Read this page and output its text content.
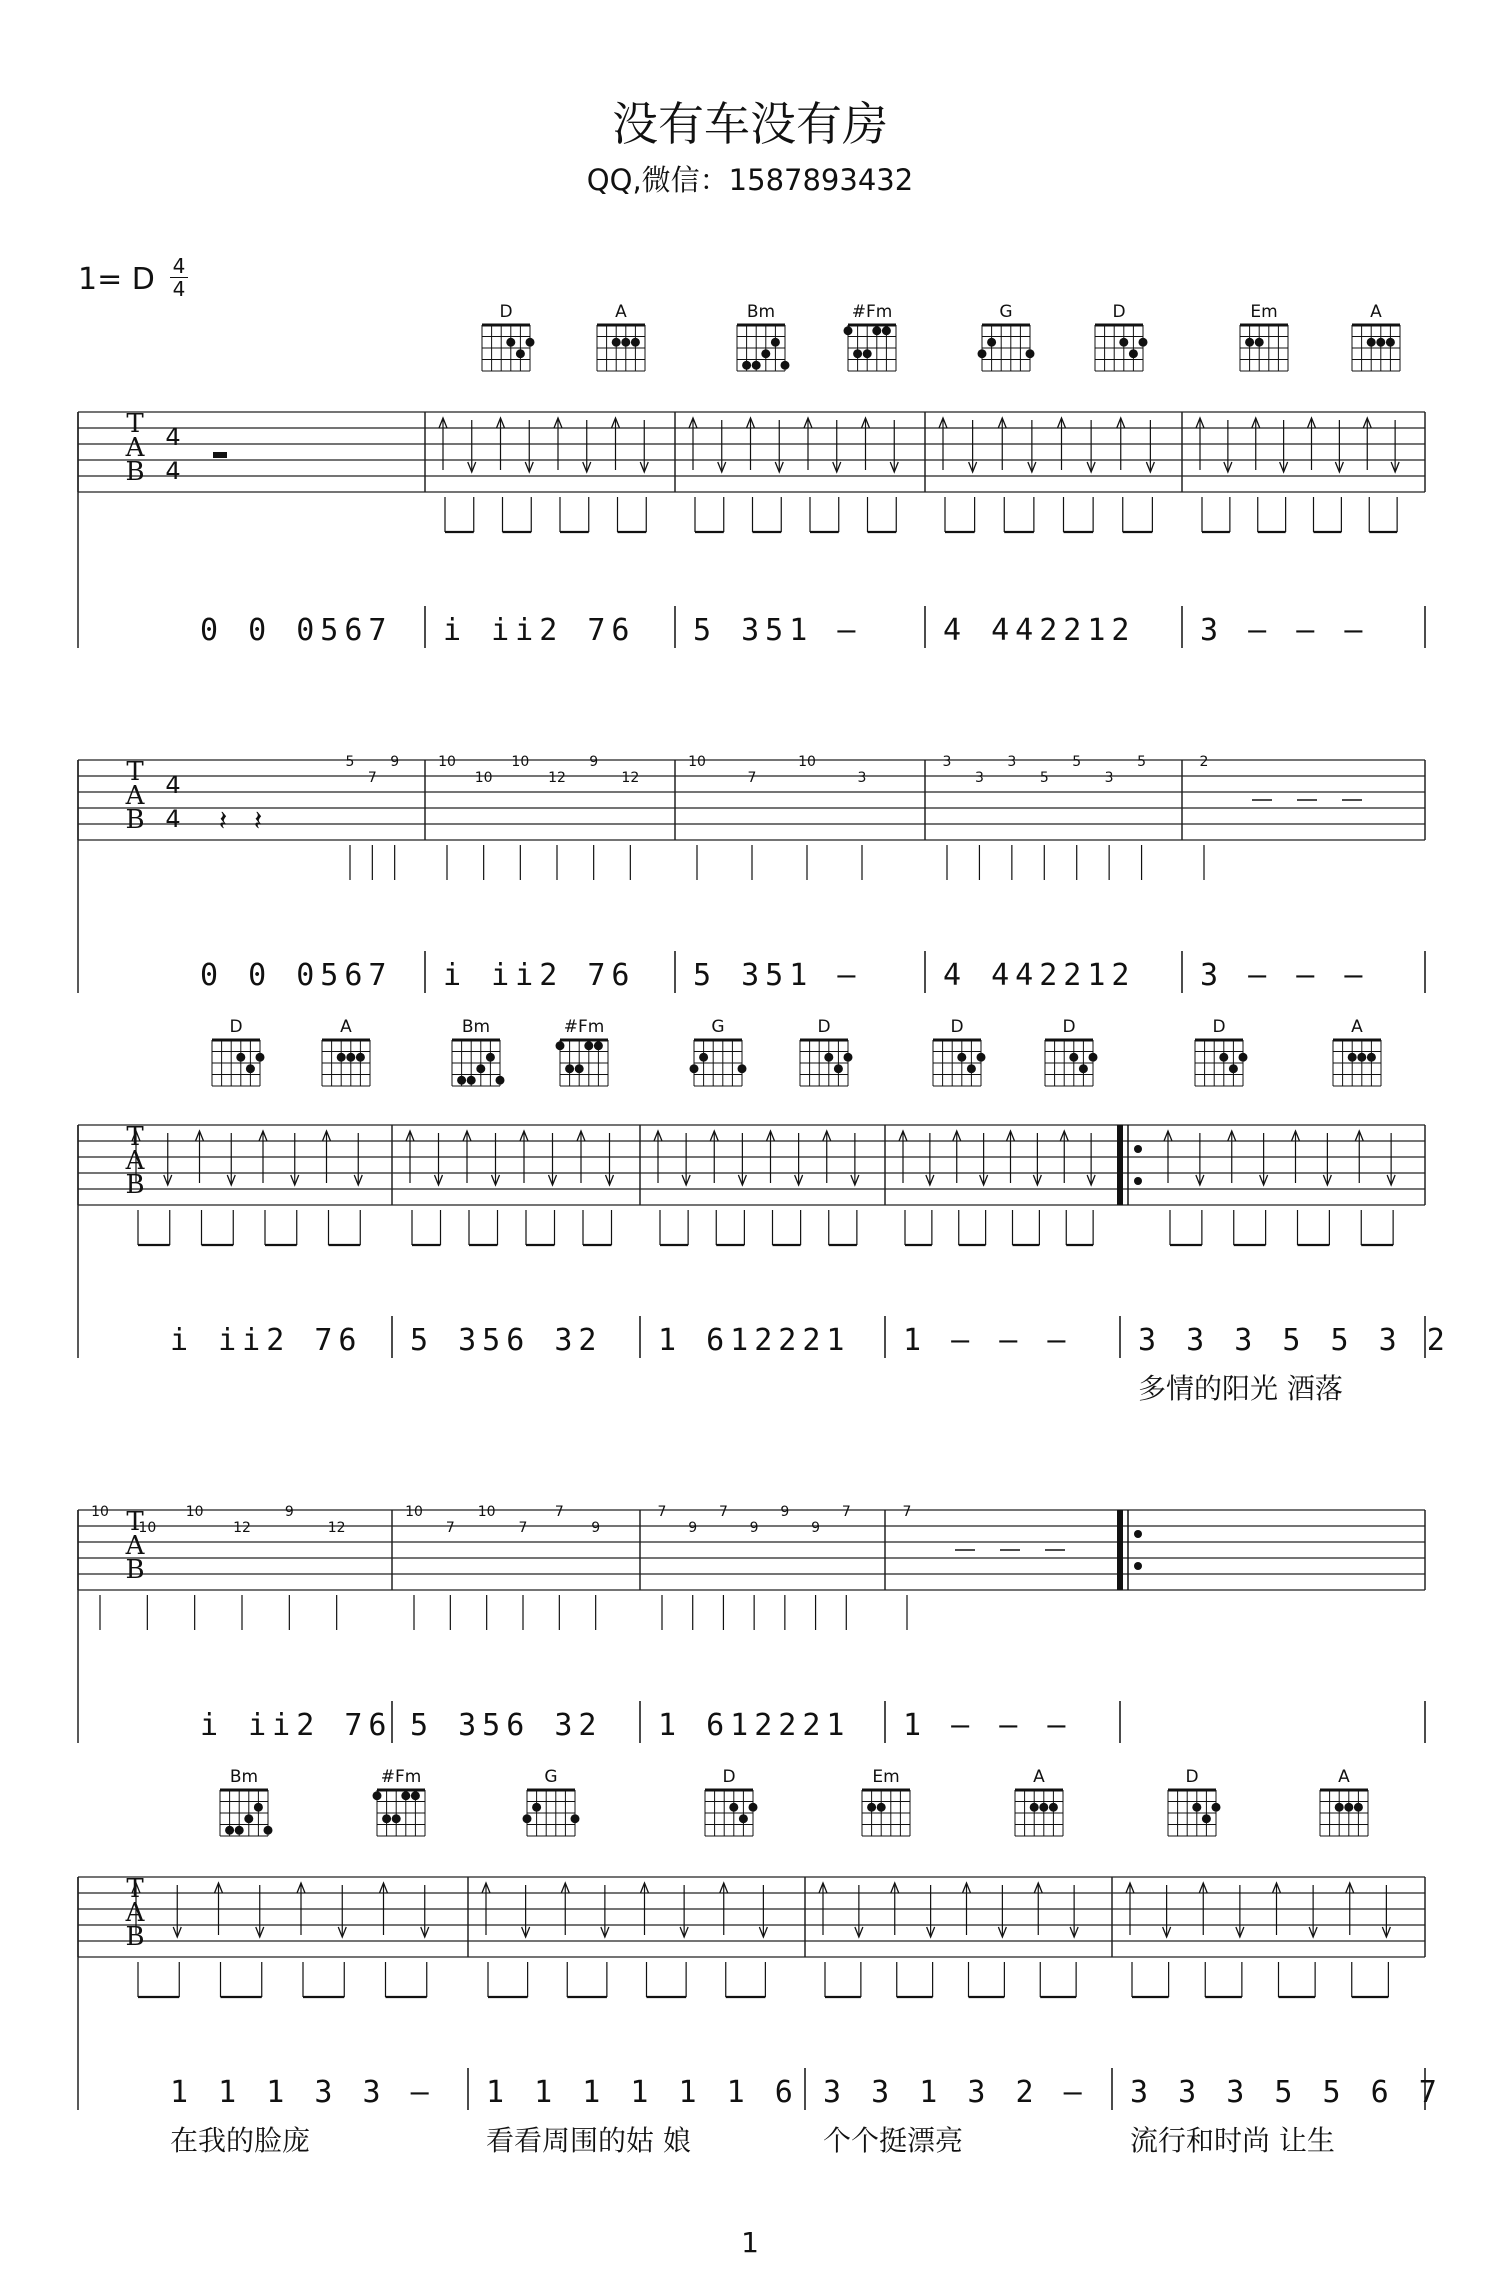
没有车没有房
QQ,微信：1587893432
1= D 4
4
T
A
B
D	A	Bm	#Fm	G	D	Em	A
4
4
0 0 0567 i ii2 76 5 351 –	4 442212 3 – – –
T
A
B
5
7
9	10
10
10
12
9
12
10
7
10
3
3
3
3
5
5
3
5	2
4
4 𝄽 𝄽
0 0 0567 i ii2 76 5 351 –	4 442212 3 – – –
T
A
B
D	A	Bm	#Fm	G	D	D	D	D	A
i ii2 76 5 356 32 1 612221 1 – – – 3 3 3 5 5 3 2
多情的阳光 酒落
T
A
B
10
10
10
12
9
12
10
7
10
7
7
9
7
9
7
9
9
9
7	7
i ii2 76 5 356 32 1 612221 1 – – –
T
A
B
Bm	#Fm	G	D	Em	A	D	A
1 1 1 3 3 – 1 1 1 1 1 1 6 3 3 1 3 2 – 3 3 3 5 5 6 7
在我的脸庞	看看周围的姑 娘	个个挺漂亮	流行和时尚 让生
1
